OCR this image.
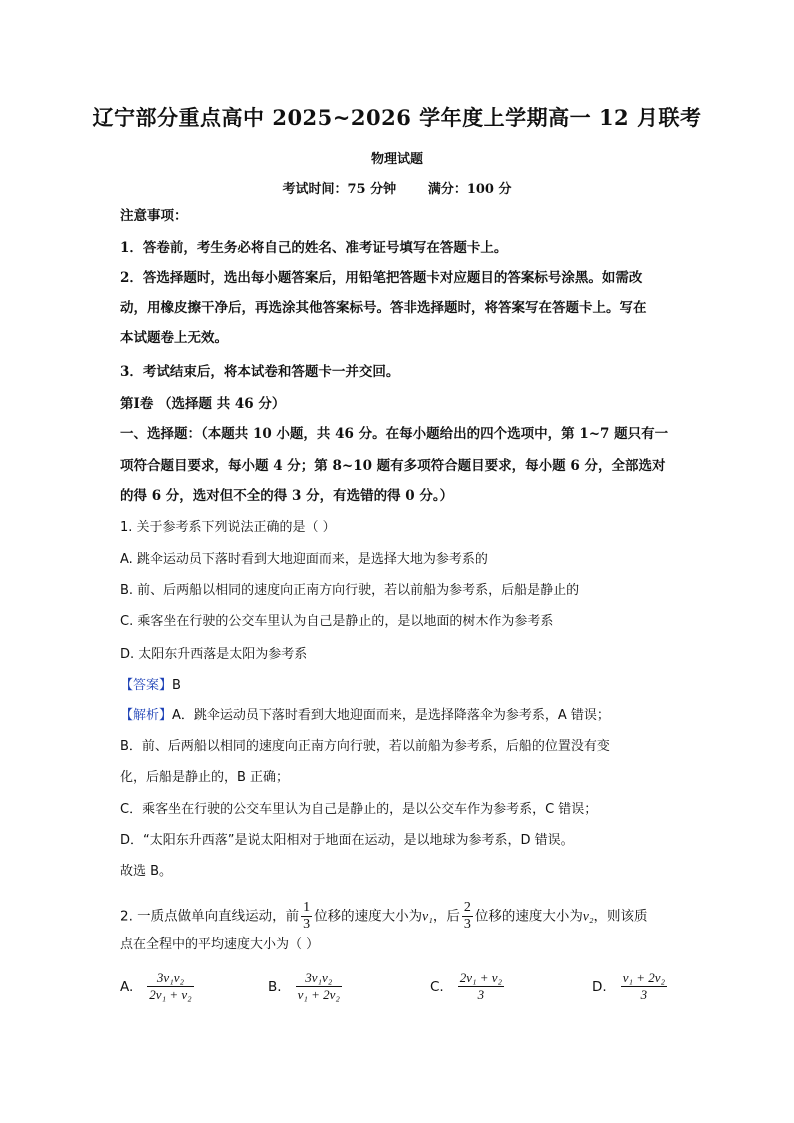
辽宁部分重点高中 2025~2026 学年度上学期高一 12 月联考
物理试题
考试时间：75 分钟       满分：100 分
注意事项：
1．答卷前，考生务必将自己的姓名、准考证号填写在答题卡上。
2．答选择题时，选出每小题答案后，用铅笔把答题卡对应题目的答案标号涂黑。如需改
动，用橡皮擦干净后，再选涂其他答案标号。答非选择题时，将答案写在答题卡上。写在
本试题卷上无效。
3．考试结束后，将本试卷和答题卡一并交回。
第Ⅰ卷 （选择题 共 46 分）
一、选择题：（本题共 10 小题，共 46 分。在每小题给出的四个选项中，第 1~7 题只有一
项符合题目要求，每小题 4 分；第 8~10 题有多项符合题目要求，每小题 6 分，全部选对
的得 6 分，选对但不全的得 3 分，有选错的得 0 分。）
1. 关于参考系下列说法正确的是（ ）
A. 跳伞运动员下落时看到大地迎面而来，是选择大地为参考系的
B. 前、后两船以相同的速度向正南方向行驶，若以前船为参考系，后船是静止的
C. 乘客坐在行驶的公交车里认为自己是静止的，是以地面的树木作为参考系
D. 太阳东升西落是太阳为参考系
【答案】B
【解析】A．跳伞运动员下落时看到大地迎面而来，是选择降落伞为参考系，A 错误；
B．前、后两船以相同的速度向正南方向行驶，若以前船为参考系，后船的位置没有变
化，后船是静止的，B 正确；
C．乘客坐在行驶的公交车里认为自己是静止的，是以公交车作为参考系，C 错误；
D．“太阳东升西落”是说太阳相对于地面在运动，是以地球为参考系，D 错误。
故选 B。
2. 一质点做单向直线运动，前 $\frac{1}{3}$ 位移的速度大小为v₁，后 $\frac{2}{3}$ 位移的速度大小为v₂，则该质
点在全程中的平均速度大小为（ ）
A. $\frac{\text{3v₁v₂}}{\text{2v₁ + v₂}}$	B. $\frac{\text{3v₁v₂}}{\text{v₁ + 2v₂}}$	C. $\frac{\text{2v₁ + v₂}}{3}$	D. $\frac{\text{v₁ + 2v₂}}{3}$
